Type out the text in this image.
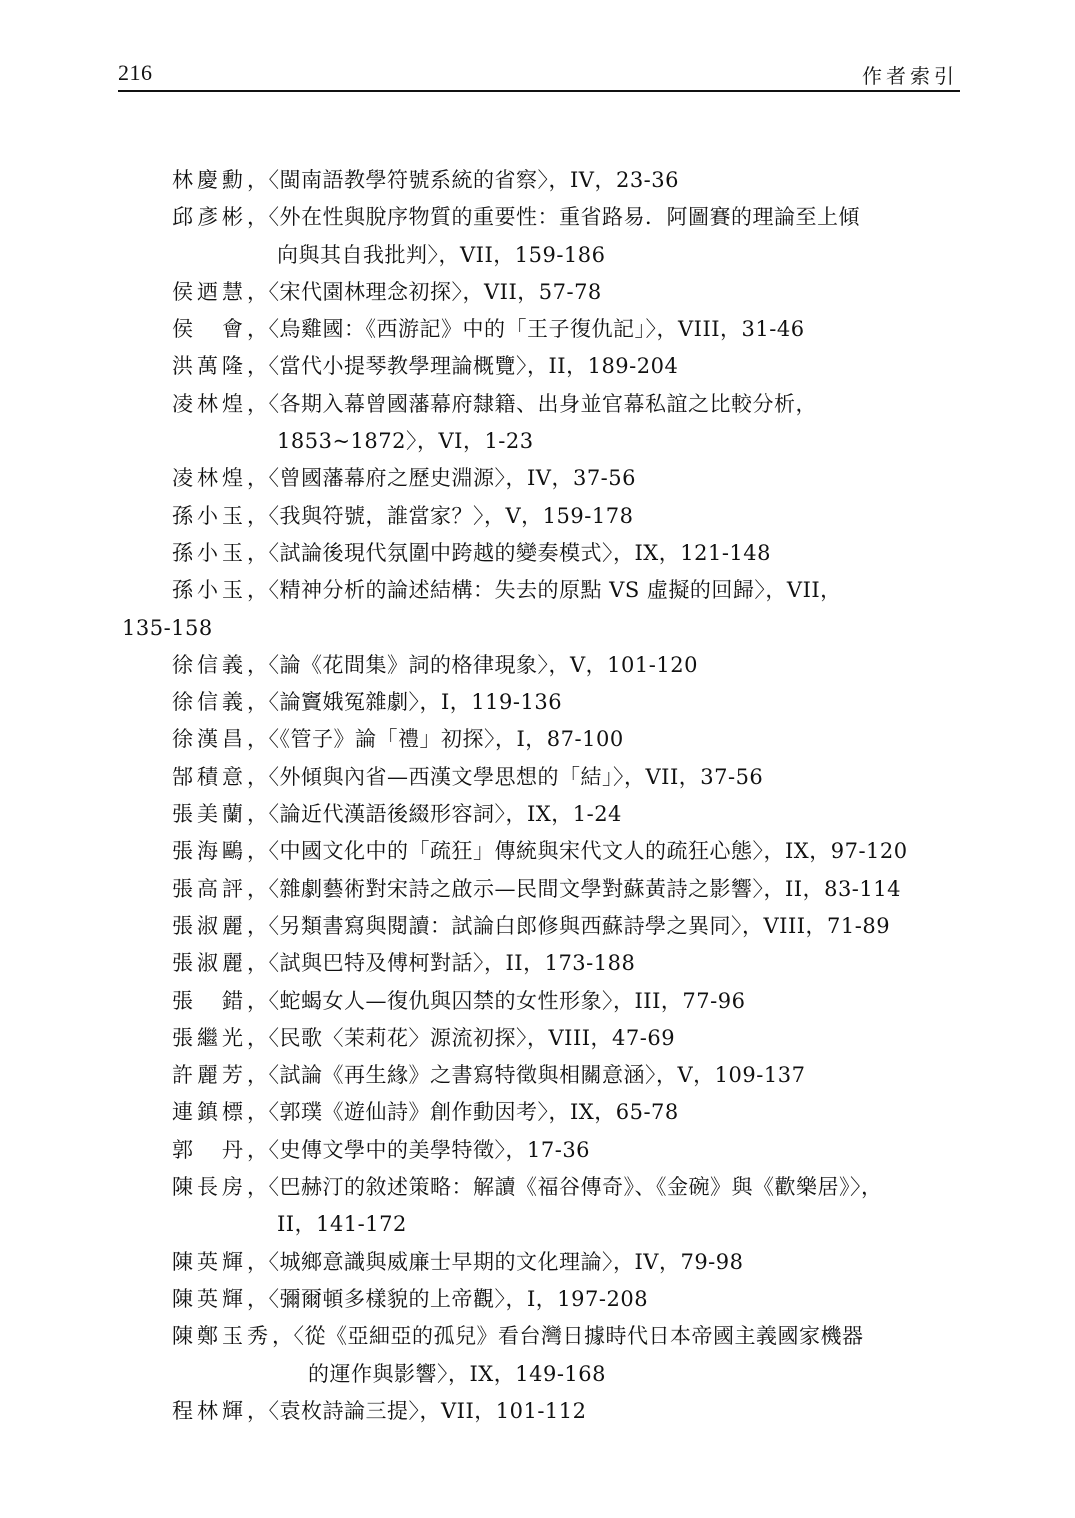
216	作者索引
林慶勳，〈閩南語教學符號系統的省察〉，IV，23-36
邱彥彬，〈外在性與脫序物質的重要性：重省路易．阿圖賽的理論至上傾
向與其自我批判〉，VII，159-186
侯迺慧，〈宋代園林理念初探〉，VII，57-78
侯　會，〈烏雞國：《西游記》中的「王子復仇記」〉，VIII，31-46
洪萬隆，〈當代小提琴教學理論概覽〉，II，189-204
凌林煌，〈各期入幕曾國藩幕府隸籍、出身並官幕私誼之比較分析，
1853~1872〉，VI，1-23
凌林煌，〈曾國藩幕府之歷史淵源〉，IV，37-56
孫小玉，〈我與符號，誰當家？〉，V，159-178
孫小玉，〈試論後現代氛圍中跨越的變奏模式〉，IX，121-148
孫小玉，〈精神分析的論述結構：失去的原點 VS 虛擬的回歸〉，VII，
135-158
徐信義，〈論《花間集》詞的格律現象〉，V，101-120
徐信義，〈論竇娥冤雜劇〉，I，119-136
徐漢昌，〈《管子》論「禮」初探〉，I，87-100
郜積意，〈外傾與內省—西漢文學思想的「結」〉，VII，37-56
張美蘭，〈論近代漢語後綴形容詞〉，IX，1-24
張海鷗，〈中國文化中的「疏狂」傳統與宋代文人的疏狂心態〉，IX，97-120
張高評，〈雜劇藝術對宋詩之啟示—民間文學對蘇黃詩之影響〉，II，83-114
張淑麗，〈另類書寫與閱讀：試論白郎修與西蘇詩學之異同〉，VIII，71-89
張淑麗，〈試與巴特及傅柯對話〉，II，173-188
張　錯，〈蛇蝎女人—復仇與囚禁的女性形象〉，III，77-96
張繼光，〈民歌〈茉莉花〉源流初探〉，VIII，47-69
許麗芳，〈試論《再生緣》之書寫特徵與相關意涵〉，V，109-137
連鎮標，〈郭璞《遊仙詩》創作動因考〉，IX，65-78
郭　丹，〈史傳文學中的美學特徵〉，17-36
陳長房，〈巴赫汀的敘述策略：解讀《福谷傳奇》、《金碗》與《歡樂居》〉，
II，141-172
陳英輝，〈城鄉意識與威廉士早期的文化理論〉，IV，79-98
陳英輝，〈彌爾頓多樣貌的上帝觀〉，I，197-208
陳鄭玉秀，〈從《亞細亞的孤兒》看台灣日據時代日本帝國主義國家機器
的運作與影響〉，IX，149-168
程林輝，〈袁枚詩論三提〉，VII，101-112
